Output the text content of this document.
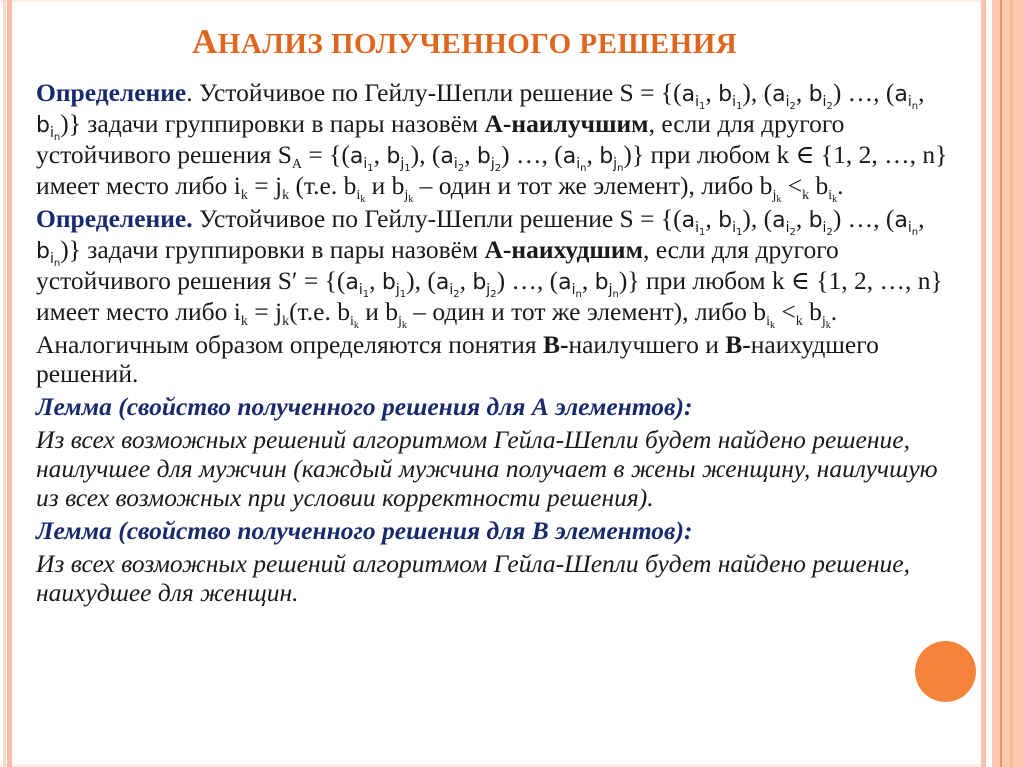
АНАЛИЗ ПОЛУЧЕННОГО РЕШЕНИЯ

Определение. Устойчивое по Гейлу-Шепли решение $S = \{(a_{i_1}$, $b_{i_1}$), ($a_{i_2}$, $b_{i_2}$) …, ($a_{i_n}$, $b_{i_n}$)} задачи группировки в пары назовём А-наилучшим, если для другого устойчивого решения $S_A = \{(a_{i_1}$, $b_{j_1}$), ($a_{i_2}$, $b_{j_2}$) …, ($a_{i_n}$, $b_{j_n}$)} при любом k ∈ {1, 2, …, n} имеет место либо $i_k = j_k$ (т.е. $b_{i_k}$ и $b_{j_k}$ – один и тот же элемент), либо $b_{j_k} <_k$ $b_{i_k}$.

Определение. Устойчивое по Гейлу-Шепли решение $S = \{(a_{i_1}$, $b_{i_1}$), ($a_{i_2}$, $b_{i_2}$) …, ($a_{i_n}$, $b_{i_n}$)} задачи группировки в пары назовём А-наихудшим, если для другого устойчивого решения $S' = \{(a_{i_1}$, $b_{j_1}$), ($a_{i_2}$, $b_{j_2}$) …, ($a_{i_n}$, $b_{j_n}$)} при любом k ∈ {1, 2, …, n} имеет место либо $i_k = j_k(т.е$. $b_{i_k}$ и $b_{j_k}$ – один и тот же элемент), либо $b_{i_k} <_k$ $b_{j_k}$.

Аналогичным образом определяются понятия В-наилучшего и В-наихудшего решений.

Лемма (свойство полученного решения для А элементов):

Из всех возможных решений алгоритмом Гейла-Шепли будет найдено решение, наилучшее для мужчин (каждый мужчина получает в жены женщину, наилучшую из всех возможных при условии корректности решения).

Лемма (свойство полученного решения для В элементов):

Из всех возможных решений алгоритмом Гейла-Шепли будет найдено решение, наихудшее для женщин.
